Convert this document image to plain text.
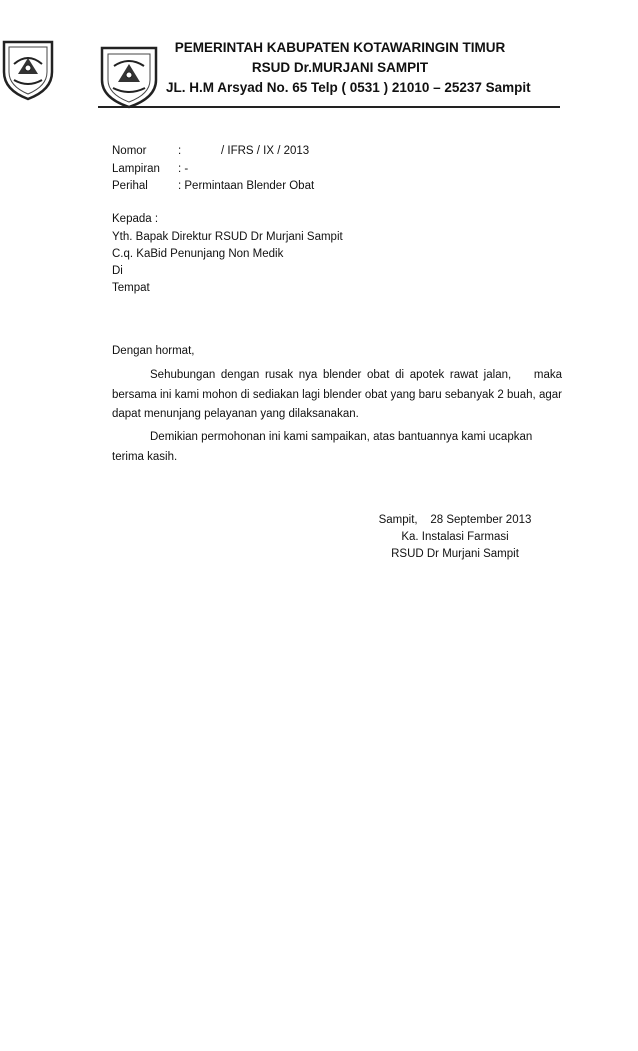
PEMERINTAH KABUPATEN KOTAWARINGIN TIMUR
RSUD Dr.MURJANI SAMPIT
JL. H.M Arsyad No. 65 Telp ( 0531 ) 21010 – 25237 Sampit
Nomor	:	/ IFRS / IX / 2013
Lampiran : -
Perihal	: Permintaan Blender Obat
Kepada :
Yth. Bapak Direktur RSUD Dr Murjani Sampit
C.q. KaBid Penunjang Non Medik
Di
Tempat
Dengan hormat,
Sehubungan dengan rusak nya blender obat di apotek rawat jalan,    maka bersama ini kami mohon di sediakan lagi blender obat yang baru sebanyak 2 buah, agar dapat menunjang pelayanan yang dilaksanakan.
Demikian permohonan ini kami sampaikan, atas bantuannya kami ucapkan terima kasih.
Sampit,    28 September 2013
Ka. Instalasi Farmasi
RSUD Dr Murjani Sampit
